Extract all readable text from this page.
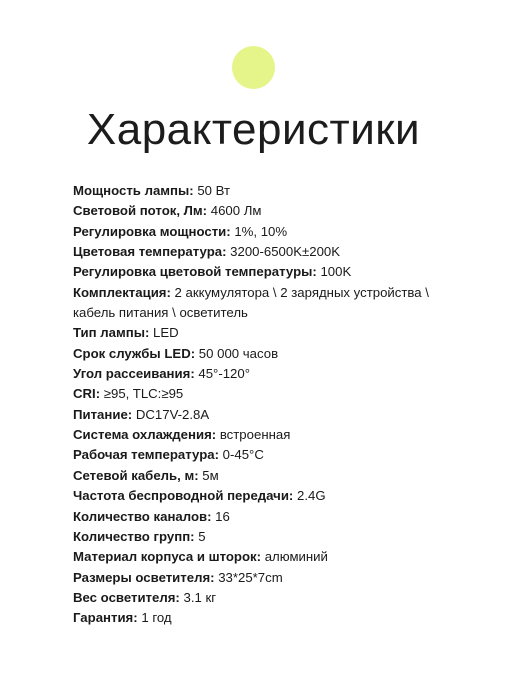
Характеристики
Мощность лампы: 50 Вт
Световой поток, Лм: 4600 Лм
Регулировка мощности: 1%, 10%
Цветовая температура: 3200-6500K±200K
Регулировка цветовой температуры: 100K
Комплектация: 2 аккумулятора \ 2 зарядных устройства \
кабель питания \ осветитель
Тип лампы: LED
Срок службы LED: 50 000 часов
Угол рассеивания: 45°-120°
CRI: ≥95, TLC:≥95
Питание: DC17V-2.8A
Система охлаждения: встроенная
Рабочая температура: 0-45°C
Сетевой кабель, м: 5м
Частота беспроводной передачи: 2.4G
Количество каналов: 16
Количество групп: 5
Материал корпуса и шторок: алюминий
Размеры осветителя: 33*25*7cm
Вес осветителя: 3.1 кг
Гарантия: 1 год
